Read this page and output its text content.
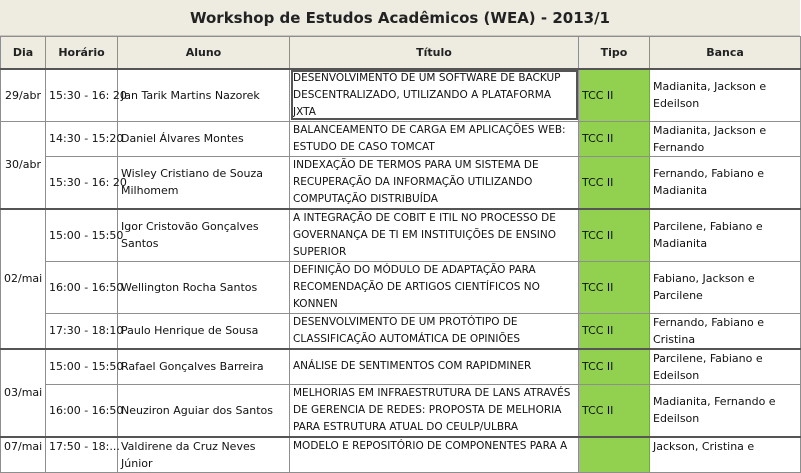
Workshop de Estudos Acadêmicos (WEA) - 2013/1
Dia	Horário	Aluno	Título	Tipo	Banca
29/abr	15:30 - 16: 20	Jan Tarik Martins Nazorek	DESENVOLVIMENTO DE UM SOFTWARE DE BACKUP DESCENTRALIZADO, UTILIZANDO A PLATAFORMA JXTA	TCC II	Madianita, Jackson e Edeilson
30/abr	14:30 - 15:20	Daniel Álvares Montes	BALANCEAMENTO DE CARGA EM APLICAÇÕES WEB: ESTUDO DE CASO TOMCAT	TCC II	Madianita, Jackson e Fernando
	15:30 - 16: 20	Wisley Cristiano de Souza Milhomem	INDEXAÇÃO DE TERMOS PARA UM SISTEMA DE RECUPERAÇÃO DA INFORMAÇÃO UTILIZANDO COMPUTAÇÃO DISTRIBUÍDA	TCC II	Fernando, Fabiano e Madianita
02/mai	15:00 - 15:50	Igor Cristovão Gonçalves Santos	A INTEGRAÇÃO DE COBIT E ITIL NO PROCESSO DE GOVERNANÇA DE TI EM INSTITUIÇÕES DE ENSINO SUPERIOR	TCC II	Parcilene, Fabiano e Madianita
	16:00 - 16:50	Wellington Rocha Santos	DEFINIÇÃO DO MÓDULO DE ADAPTAÇÃO PARA RECOMENDAÇÃO DE ARTIGOS CIENTÍFICOS NO KONNEN	TCC II	Fabiano, Jackson e Parcilene
	17:30 - 18:10	Paulo Henrique de Sousa	DESENVOLVIMENTO DE UM PROTÓTIPO DE CLASSIFICAÇÃO AUTOMÁTICA DE OPINIÕES	TCC II	Fernando, Fabiano e Cristina
03/mai	15:00 - 15:50	Rafael Gonçalves Barreira	ANÁLISE DE SENTIMENTOS COM RAPIDMINER	TCC II	Parcilene, Fabiano e Edeilson
	16:00 - 16:50	Neuziron Aguiar dos Santos	MELHORIAS EM INFRAESTRUTURA DE LANS ATRAVÉS DE GERENCIA DE REDES: PROPOSTA DE MELHORIA PARA ESTRUTURA ATUAL DO CEULP/ULBRA	TCC II	Madianita, Fernando e Edeilson
07/mai	17:50 - 18:...	Valdirene da Cruz Neves Júnior	MODELO E REPOSITÓRIO DE COMPONENTES PARA A		Jackson, Cristina e
